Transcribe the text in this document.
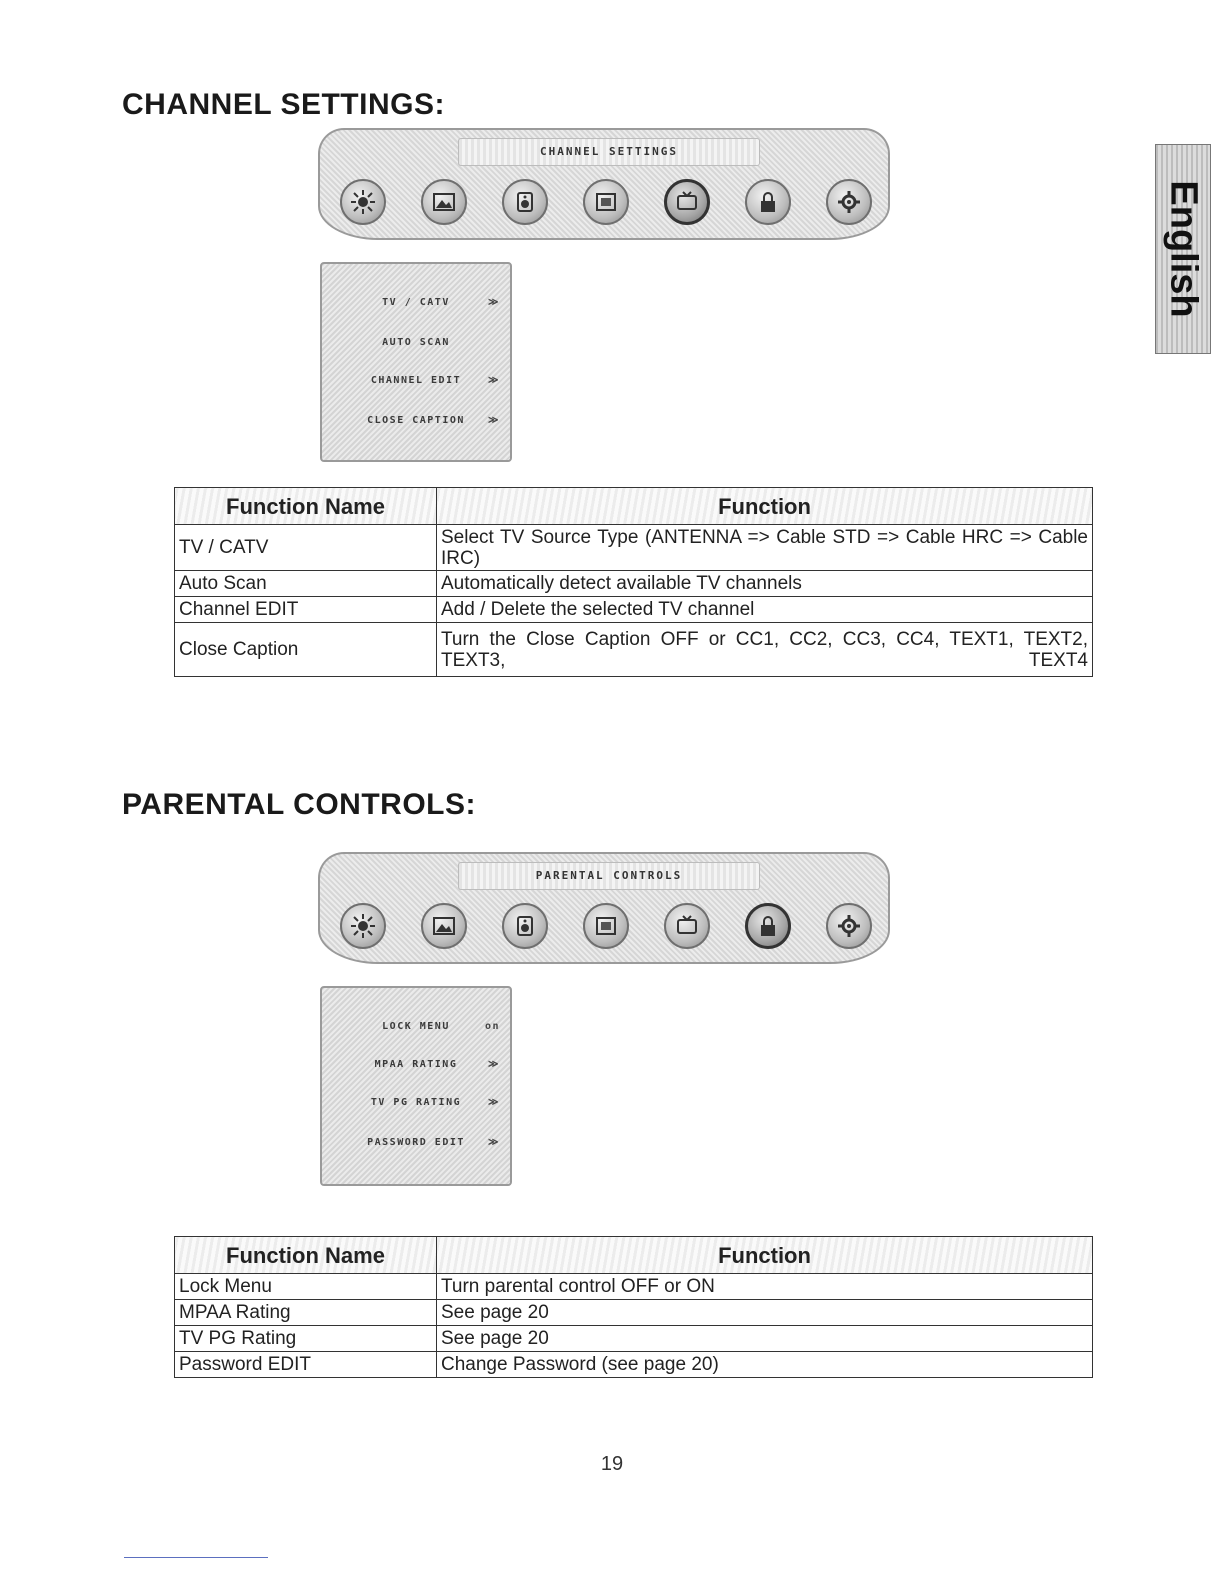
CHANNEL SETTINGS:
CHANNEL SETTINGS
TV / CATV	≫
AUTO SCAN
CHANNEL EDIT	≫
CLOSE CAPTION ≫
Function Name	Function
TV / CATV	Select TV Source Type (ANTENNA => Cable STD => Cable HRC => Cable IRC)
Auto Scan	Automatically detect available TV channels
Channel EDIT	Add / Delete the selected TV channel
Close Caption	Turn the Close Caption OFF or CC1, CC2, CC3, CC4, TEXT1, TEXT2, TEXT3, TEXT4
PARENTAL CONTROLS:
PARENTAL CONTROLS
LOCK MENU	on
MPAA RATING	≫
TV PG RATING	≫
PASSWORD EDIT ≫
Function Name	Function
Lock Menu	Turn parental control OFF or ON
MPAA Rating	See page 20
TV PG Rating	See page 20
Password EDIT	Change Password (see page 20)
English
19
